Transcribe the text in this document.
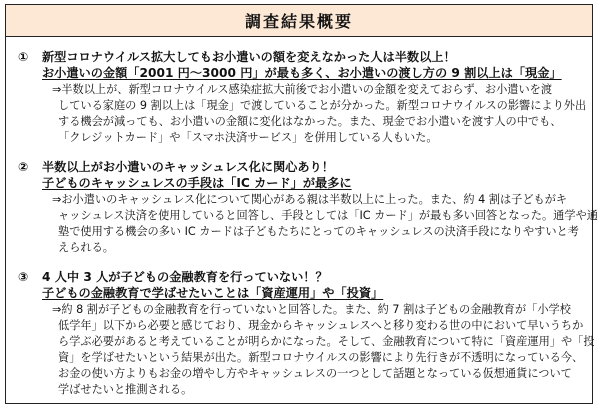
調査結果概要
①	新型コロナウイルス拡大してもお小遣いの額を変えなかった人は半数以上！
お小遣いの金額「2001 円～3000 円」が最も多く、お小遣いの渡し方の 9 割以上は「現金」
⇒半数以上が、新型コロナウイルス感染症拡大前後でお小遣いの金額を変えておらず、お小遣いを渡
している家庭の 9 割以上は「現金」で渡していることが分かった。新型コロナウイルスの影響により外出
する機会が減っても、お小遣いの金額に変化はなかった。また、現金でお小遣いを渡す人の中でも、
「クレジットカード」や「スマホ決済サービス」を併用している人もいた。
②	半数以上がお小遣いのキャッシュレス化に関心あり！
子どものキャッシュレスの手段は「IC カード」が最多に
⇒お小遣いのキャッシュレス化について関心がある親は半数以上に上った。また、約 4 割は子どもがキ
ャッシュレス決済を使用していると回答し、手段としては「IC カード」が最も多い回答となった。通学や通
塾で使用する機会の多い IC カードは子どもたちにとってのキャッシュレスの決済手段になりやすいと考
えられる。
③	4 人中 3 人が子どもの金融教育を行っていない！？
子どもの金融教育で学ばせたいことは「資産運用」や「投資」
⇒約 8 割が子どもの金融教育を行っていないと回答した。また、約 7 割は子どもの金融教育が「小学校
低学年」以下から必要と感じており、現金からキャッシュレスへと移り変わる世の中において早いうちか
ら学ぶ必要があると考えていることが明らかになった。そして、金融教育について特に「資産運用」や「投
資」を学ばせたいという結果が出た。新型コロナウイルスの影響により先行きが不透明になっている今、
お金の使い方よりもお金の増やし方やキャッシュレスの一つとして話題となっている仮想通貨について
学ばせたいと推測される。
